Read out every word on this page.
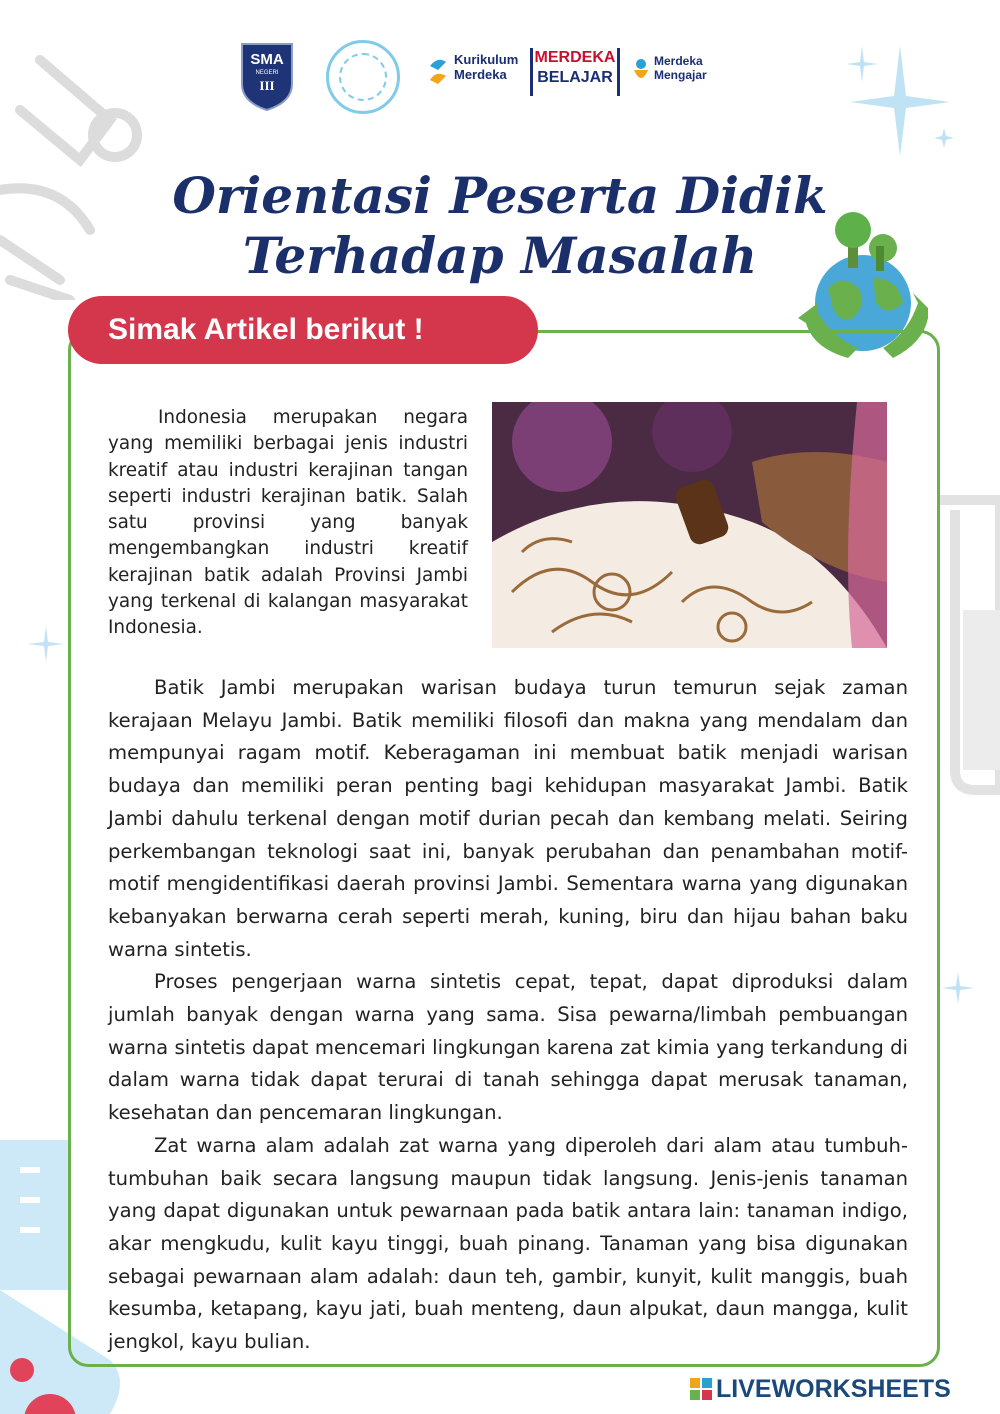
SMA
NEGERI
III
Kurikulum
Merdeka
MERDEKA
BELAJAR
Merdeka
Mengajar
Orientasi Peserta Didik
Terhadap Masalah
Simak Artikel berikut !

Indonesia merupakan negara yang memiliki berbagai jenis industri kreatif atau industri kerajinan tangan seperti industri kerajinan batik. Salah satu provinsi yang banyak mengembangkan industri kreatif kerajinan batik adalah Provinsi Jambi yang terkenal di kalangan masyarakat Indonesia.

Batik Jambi merupakan warisan budaya turun temurun sejak zaman kerajaan Melayu Jambi. Batik memiliki filosofi dan makna yang mendalam dan mempunyai ragam motif. Keberagaman ini membuat batik menjadi warisan budaya dan memiliki peran penting bagi kehidupan masyarakat Jambi. Batik Jambi dahulu terkenal dengan motif durian pecah dan kembang melati. Seiring perkembangan teknologi saat ini, banyak perubahan dan penambahan motif-motif mengidentifikasi daerah provinsi Jambi. Sementara warna yang digunakan kebanyakan berwarna cerah seperti merah, kuning, biru dan hijau bahan baku warna sintetis.

Proses pengerjaan warna sintetis cepat, tepat, dapat diproduksi dalam jumlah banyak dengan warna yang sama. Sisa pewarna/limbah pembuangan warna sintetis dapat mencemari lingkungan karena zat kimia yang terkandung di dalam warna tidak dapat terurai di tanah sehingga dapat merusak tanaman, kesehatan dan pencemaran lingkungan.

Zat warna alam adalah zat warna yang diperoleh dari alam atau tumbuh-tumbuhan baik secara langsung maupun tidak langsung. Jenis-jenis tanaman yang dapat digunakan untuk pewarnaan pada batik antara lain: tanaman indigo, akar mengkudu, kulit kayu tinggi, buah pinang. Tanaman yang bisa digunakan sebagai pewarnaan alam adalah: daun teh, gambir, kunyit, kulit manggis, buah kesumba, ketapang, kayu jati, buah menteng, daun alpukat, daun mangga, kulit jengkol, kayu bulian.

LIVEWORKSHEETS
